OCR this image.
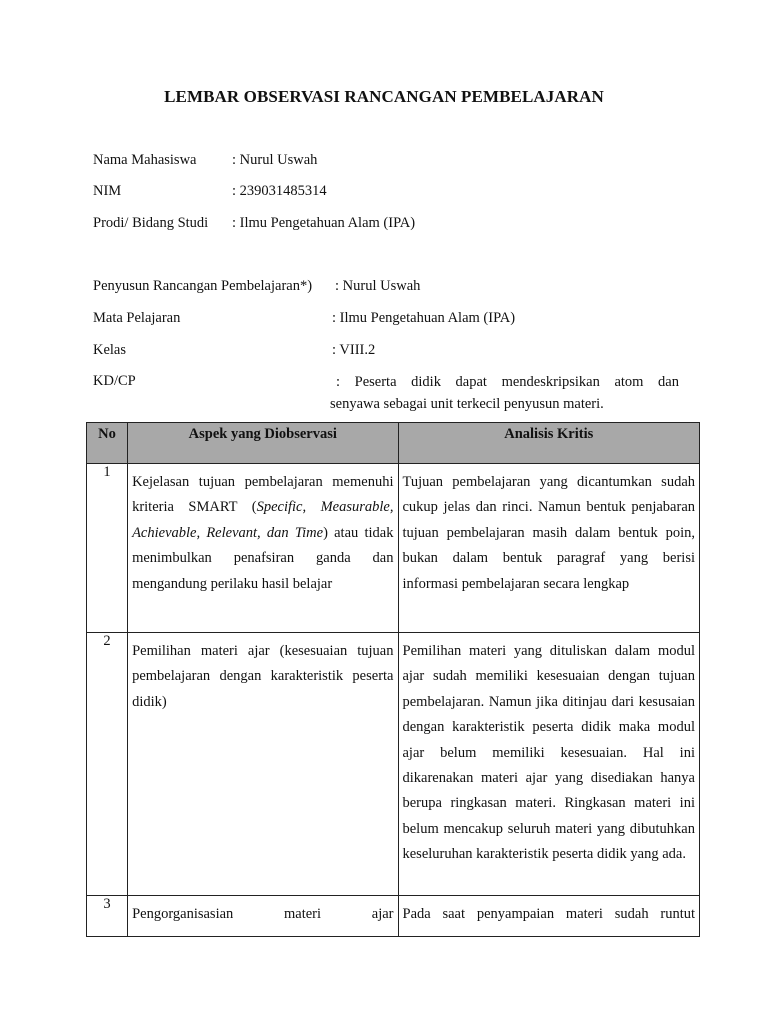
LEMBAR OBSERVASI RANCANGAN PEMBELAJARAN
Nama Mahasiswa : Nurul Uswah
NIM	: 239031485314
Prodi/ Bidang Studi : Ilmu Pengetahuan Alam (IPA)
Penyusun Rancangan Pembelajaran*) : Nurul Uswah
Mata Pelajaran	: Ilmu Pengetahuan Alam (IPA)
Kelas	: VIII.2
KD/CP	: Peserta didik dapat mendeskripsikan atom dan
senyawa sebagai unit terkecil penyusun materi.
No	Aspek yang Diobservasi	Analisis Kritis
1	Kejelasan tujuan pembelajaran memenuhi kriteria SMART (Specific, Measurable, Achievable, Relevant, dan Time) atau tidak menimbulkan penafsiran ganda dan mengandung perilaku hasil belajar	Tujuan pembelajaran yang dicantumkan sudah cukup jelas dan rinci. Namun bentuk penjabaran tujuan pembelajaran masih dalam bentuk poin, bukan dalam bentuk paragraf yang berisi informasi pembelajaran secara lengkap

2	Pemilihan materi ajar (kesesuaian tujuan pembelajaran dengan karakteristik peserta didik)	Pemilihan materi yang dituliskan dalam modul ajar sudah memiliki kesesuaian dengan tujuan pembelajaran. Namun jika ditinjau dari kesusaian dengan karakteristik peserta didik maka modul ajar belum memiliki kesesuaian. Hal ini dikarenakan materi ajar yang disediakan hanya berupa ringkasan materi. Ringkasan materi ini belum mencakup seluruh materi yang dibutuhkan keseluruhan karakteristik peserta didik yang ada.

3	Pengorganisasian materi ajar	Pada saat penyampaian materi sudah runtut
